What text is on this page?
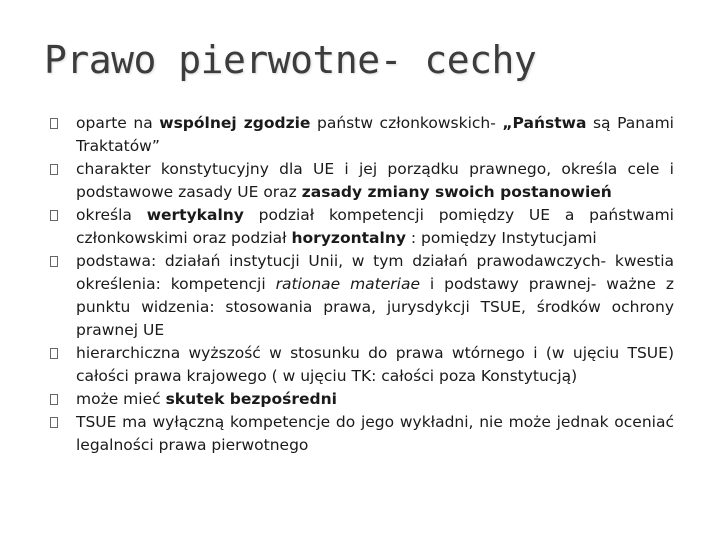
Prawo pierwotne- cechy
oparte na wspólnej zgodzie państw członkowskich- „Państwa są Panami Traktatów”
charakter konstytucyjny dla UE i jej porządku prawnego, określa cele i podstawowe zasady UE oraz zasady zmiany swoich postanowień
określa wertykalny podział kompetencji pomiędzy UE a państwami członkowskimi oraz podział horyzontalny : pomiędzy Instytucjami
podstawa: działań instytucji Unii, w tym działań prawodawczych- kwestia określenia: kompetencji rationae materiae i podstawy prawnej- ważne z punktu widzenia: stosowania prawa, jurysdykcji TSUE, środków ochrony prawnej UE
hierarchiczna wyższość w stosunku do prawa wtórnego i (w ujęciu TSUE) całości prawa krajowego ( w ujęciu TK: całości poza Konstytucją)
może mieć skutek bezpośredni
TSUE ma wyłączną kompetencje do jego wykładni, nie może jednak oceniać legalności prawa pierwotnego
